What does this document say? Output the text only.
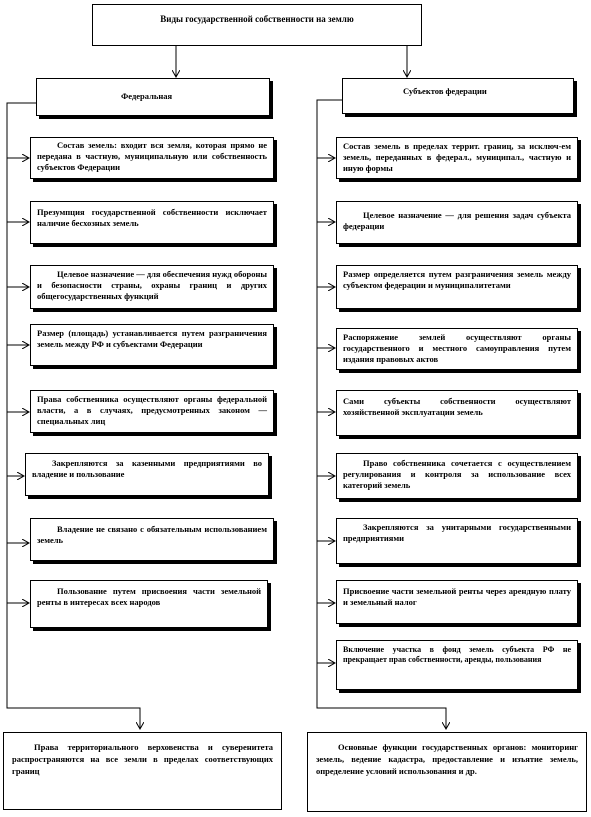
Виды государственной собственности на землю
Федеральная	Субъектов федерации
Состав земель: входит вся земля, которая прямо не передана в частную, муниципальную или собственность субъектов Федерации
Презумпция государственной собственности исключает наличие бесхозных земель
Целевое назначение — для обеспечения нужд обороны и безопасности страны, охраны границ и других общегосударственных функций
Размер (площадь) устанавливается путем разграничения земель между РФ и субъектами Федерации
Права собственника осуществляют органы федеральной власти, а в случаях, предусмотренных законом — специальных лиц
Закрепляются за казенными предприятиями во владение и пользование
Владение не связано с обязательным использованием земель
Пользование путем присвоения части земельной ренты в интересах всех народов
Состав земель в пределах террит. границ, за исключ-ем земель, переданных в федерал., муниципал., частную и иную формы
Целевое назначение — для решения задач субъекта федерации
Размер определяется путем разграничения земель между субъектом федерации и муниципалитетами
Распоряжение землей осуществляют органы государственного и местного самоуправления путем издания правовых актов
Сами субъекты собственности осуществляют хозяйственной эксплуатации земель
Право собственника сочетается с осуществлением регулирования и контроля за использование всех категорий земель
Закрепляются за унитарными государственными предприятиями
Присвоение части земельной ренты через арендную плату и земельный налог
Включение участка в фонд земель субъекта РФ не прекращает прав собственности, аренды, пользования
Права территориального верховенства и суверенитета распространяются на все земли в пределах соответствующих границ
Основные функции государственных органов: мониторинг земель, ведение кадастра, предоставление и изъятие земель, определение условий использования и др.
